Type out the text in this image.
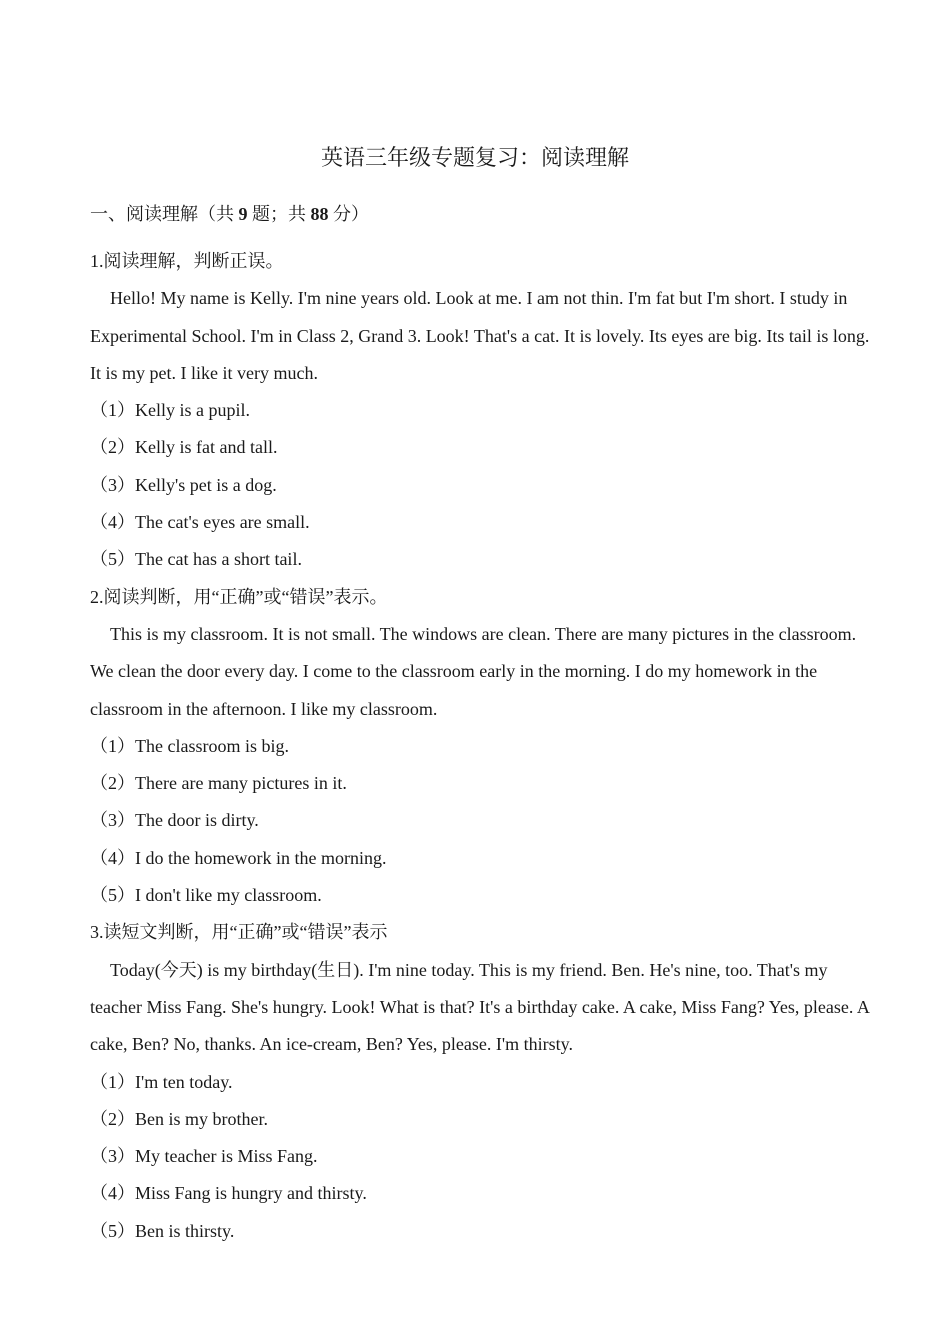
英语三年级专题复习：阅读理解
一、阅读理解（共 9 题；共 88 分）
1.阅读理解，判断正误。
Hello! My name is Kelly. I'm nine years old. Look at me. I am not thin. I'm fat but I'm short. I study in Experimental School. I'm in Class 2, Grand 3. Look! That's a cat. It is lovely. Its eyes are big. Its tail is long. It is my pet. I like it very much.
（1）Kelly is a pupil.
（2）Kelly is fat and tall.
（3）Kelly's pet is a dog.
（4）The cat's eyes are small.
（5）The cat has a short tail.
2.阅读判断，用“正确”或“错误”表示。
This is my classroom. It is not small. The windows are clean. There are many pictures in the classroom. We clean the door every day. I come to the classroom early in the morning. I do my homework in the classroom in the afternoon. I like my classroom.
（1）The classroom is big.
（2）There are many pictures in it.
（3）The door is dirty.
（4）I do the homework in the morning.
（5）I don't like my classroom.
3.读短文判断，用“正确”或“错误”表示
Today(今天) is my birthday(生日). I'm nine today. This is my friend. Ben. He's nine, too. That's my teacher Miss Fang. She's hungry. Look! What is that? It's a birthday cake. A cake, Miss Fang? Yes, please. A cake, Ben? No, thanks. An ice-cream, Ben? Yes, please. I'm thirsty.
（1）I'm ten today.
（2）Ben is my brother.
（3）My teacher is Miss Fang.
（4）Miss Fang is hungry and thirsty.
（5）Ben is thirsty.
